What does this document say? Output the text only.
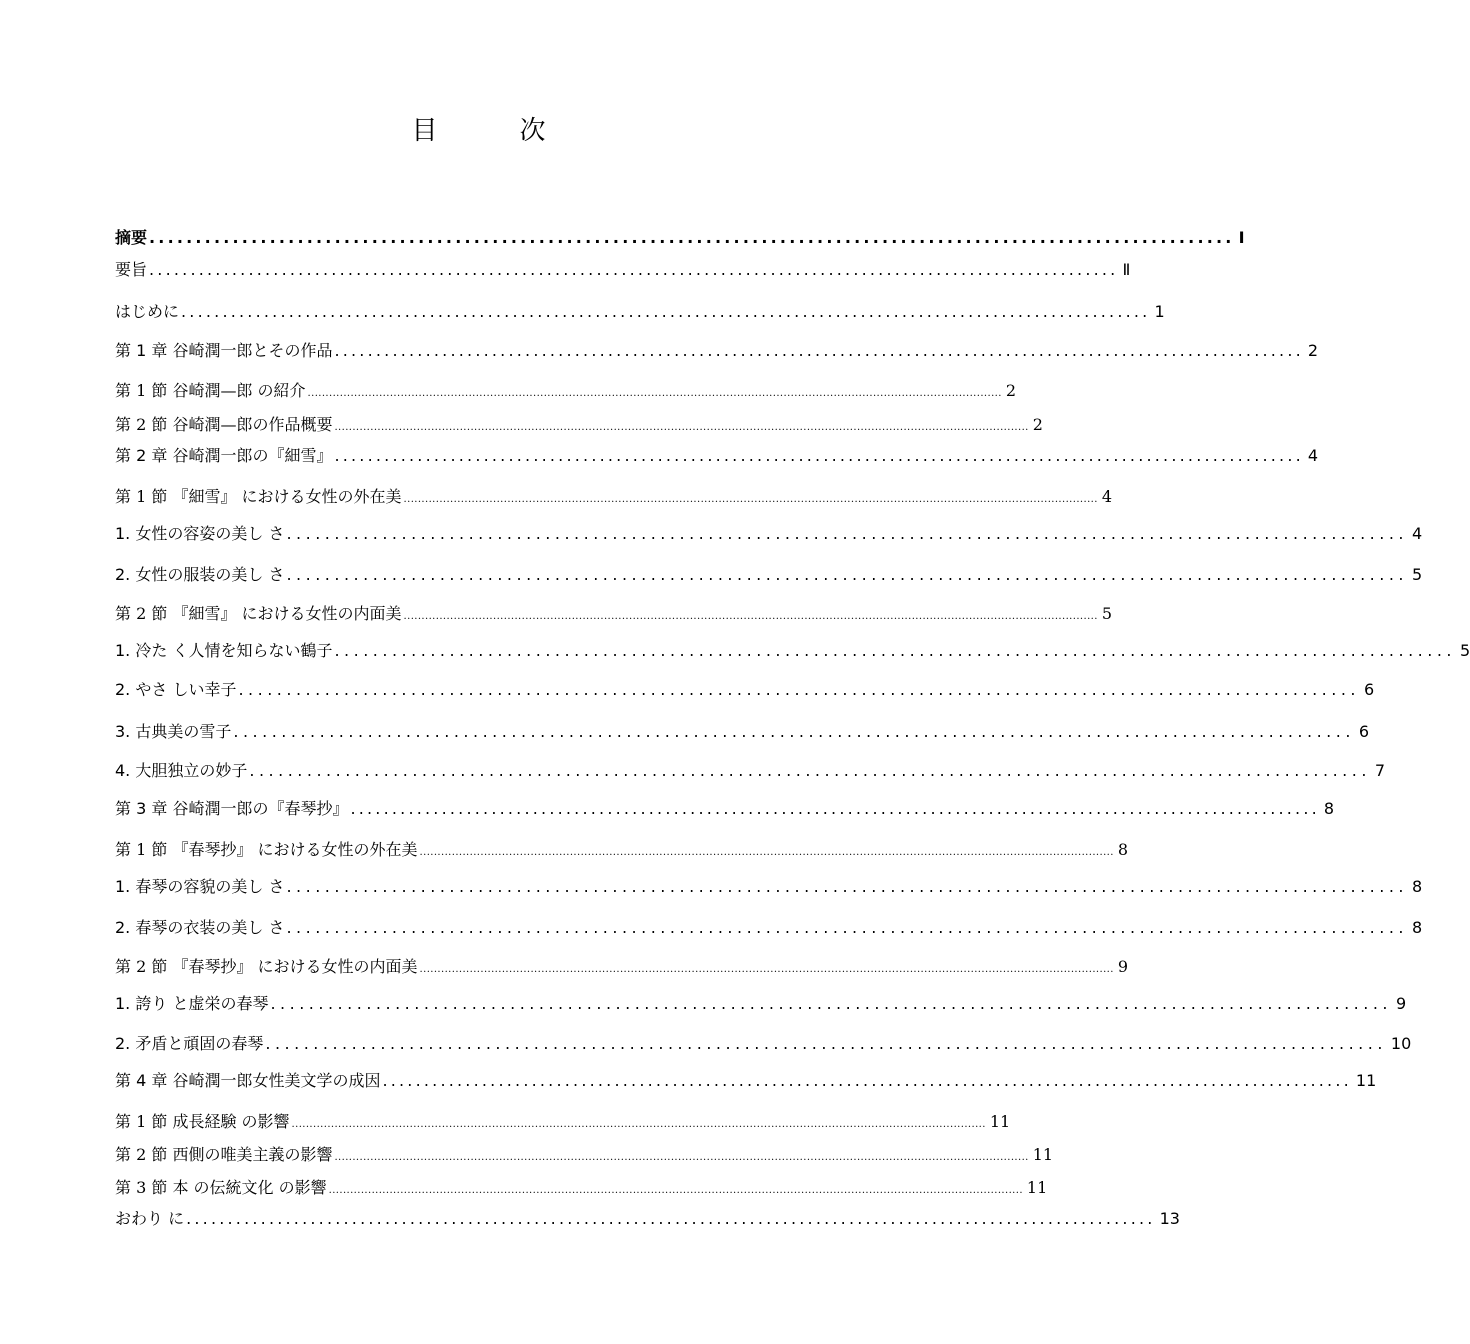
目　次
摘要 ..................................................................................................................... Ⅰ
要旨 ..................................................................................................................... Ⅱ
はじめに ..................................................................................................................... 1
第 1 章 谷崎潤一郎とその作品 ..................................................................................................................... 2
第 1 節 谷崎潤—郎 の紹介 .................................................................................................................................................................................................. 2
第 2 節 谷崎潤—郎の作品概要 .................................................................................................................................................................................................. 2
第 2 章 谷崎潤一郎の『細雪』 ..................................................................................................................... 4
第 1 節 『細雪』 における女性の外在美 .................................................................................................................................................................................................. 4
1. 女性の容姿の美し さ ..................................................................................................................... 4
2. 女性の服装の美し さ ..................................................................................................................... 5
第 2 節 『細雪』 における女性の内面美 .................................................................................................................................................................................................. 5
1. 冷た く人情を知らない鶴子 ..................................................................................................................... 5
2. やさ しい幸子 ..................................................................................................................... 6
3. 古典美の雪子 ..................................................................................................................... 6
4. 大胆独立の妙子 ..................................................................................................................... 7
第 3 章 谷崎潤一郎の『春琴抄』 ..................................................................................................................... 8
第 1 節 『春琴抄』 における女性の外在美 .................................................................................................................................................................................................. 8
1. 春琴の容貌の美し さ ..................................................................................................................... 8
2. 春琴の衣装の美し さ ..................................................................................................................... 8
第 2 節 『春琴抄』 における女性の内面美 .................................................................................................................................................................................................. 9
1. 誇り と虚栄の春琴 ..................................................................................................................... 9
2. 矛盾と頑固の春琴 ..................................................................................................................... 10
第 4 章 谷崎潤一郎女性美文学の成因 ..................................................................................................................... 11
第 1 節 成長経験 の影響 .................................................................................................................................................................................................. 11
第 2 節 西側の唯美主義の影響 .................................................................................................................................................................................................. 11
第 3 節 本 の伝統文化 の影響 .................................................................................................................................................................................................. 11
おわり に ..................................................................................................................... 13
